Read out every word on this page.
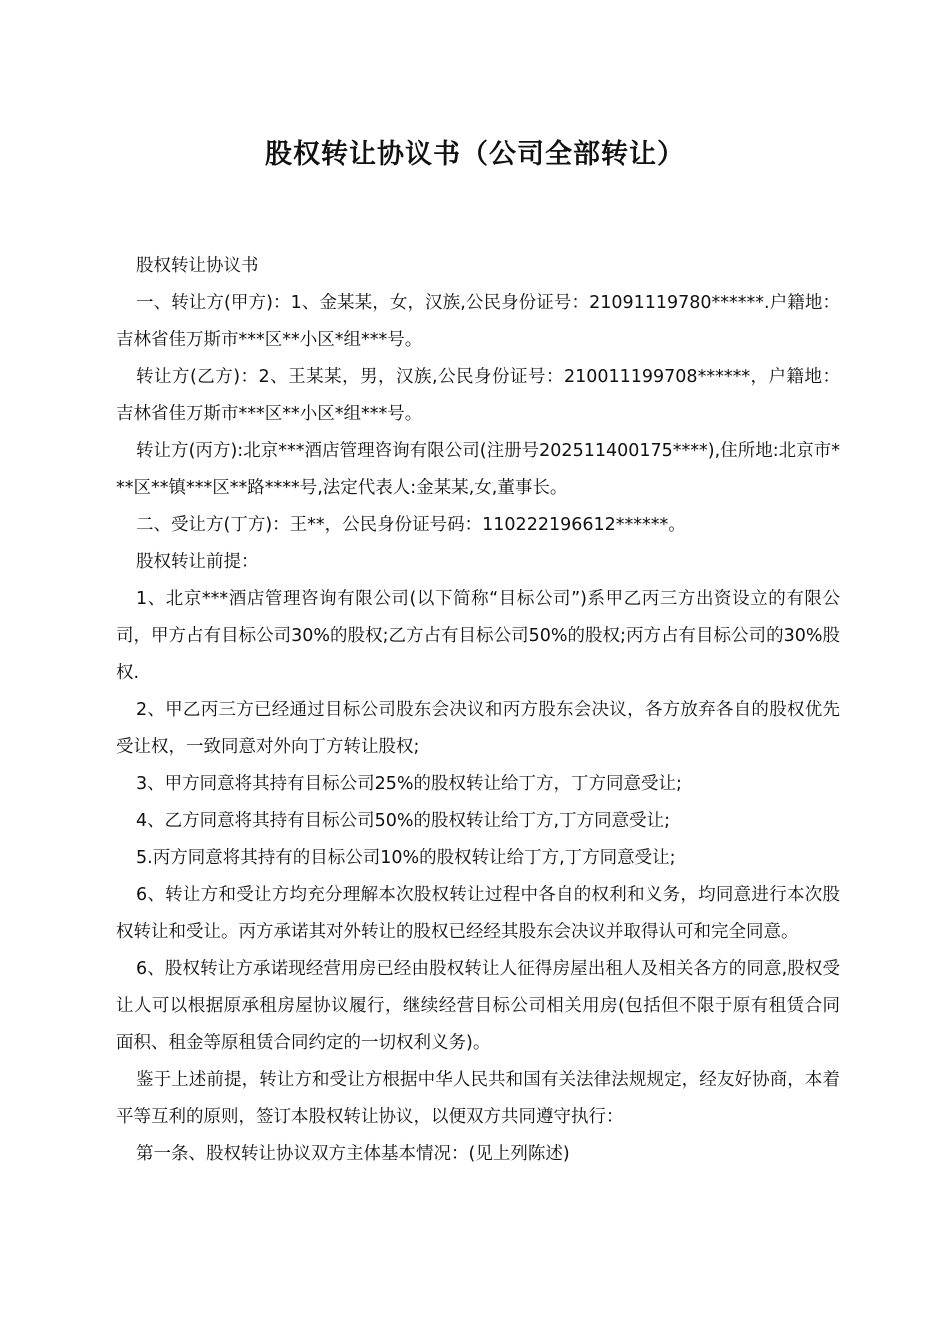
股权转让协议书（公司全部转让）

股权转让协议书

一、转让方(甲方)：1、金某某，女，汉族,公民身份证号：21091119780******.户籍地：吉林省佳万斯市***区**小区*组***号。

转让方(乙方)：2、王某某，男，汉族,公民身份证号：210011199708******，户籍地：吉林省佳万斯市***区**小区*组***号。

转让方(丙方):北京***酒店管理咨询有限公司(注册号202511400175****),住所地:北京市***区**镇***区**路****号,法定代表人:金某某,女,董事长。

二、受让方(丁方)：王**，公民身份证号码：110222196612******。

股权转让前提：

1、北京***酒店管理咨询有限公司(以下简称“目标公司”)系甲乙丙三方出资设立的有限公司，甲方占有目标公司30%的股权;乙方占有目标公司50%的股权;丙方占有目标公司的30%股权.

2、甲乙丙三方已经通过目标公司股东会决议和丙方股东会决议，各方放弃各自的股权优先受让权，一致同意对外向丁方转让股权;

3、甲方同意将其持有目标公司25%的股权转让给丁方，丁方同意受让;

4、乙方同意将其持有目标公司50%的股权转让给丁方,丁方同意受让;

5.丙方同意将其持有的目标公司10%的股权转让给丁方,丁方同意受让;

6、转让方和受让方均充分理解本次股权转让过程中各自的权利和义务，均同意进行本次股权转让和受让。丙方承诺其对外转让的股权已经经其股东会决议并取得认可和完全同意。

6、股权转让方承诺现经营用房已经由股权转让人征得房屋出租人及相关各方的同意,股权受让人可以根据原承租房屋协议履行，继续经营目标公司相关用房(包括但不限于原有租赁合同面积、租金等原租赁合同约定的一切权利义务)。

鉴于上述前提，转让方和受让方根据中华人民共和国有关法律法规规定，经友好协商，本着平等互利的原则，签订本股权转让协议，以便双方共同遵守执行：

第一条、股权转让协议双方主体基本情况：(见上列陈述)
